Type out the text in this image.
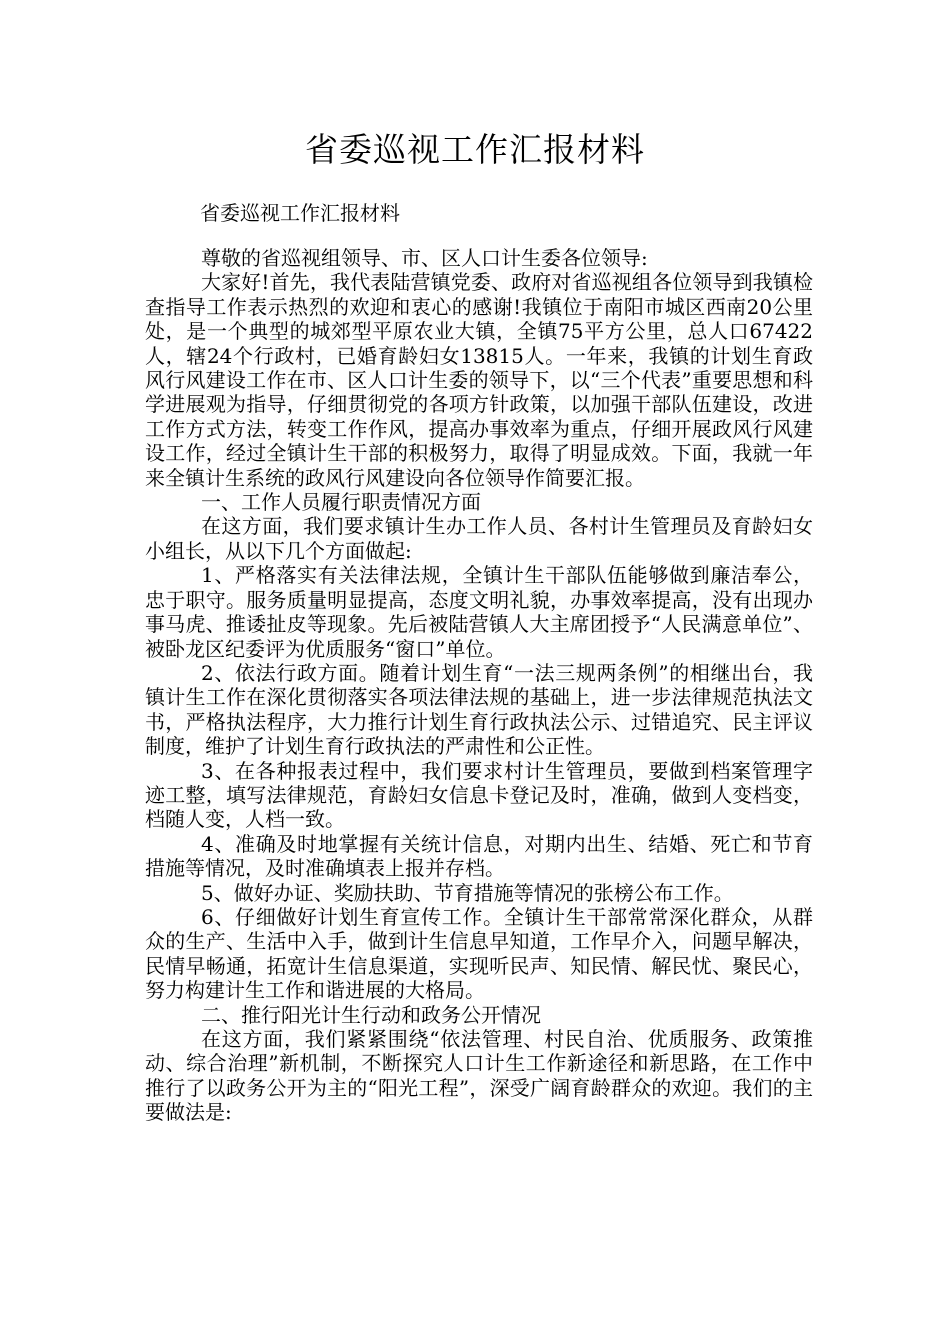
省委巡视工作汇报材料
省委巡视工作汇报材料

尊敬的省巡视组领导、市、区人口计生委各位领导:

大家好!首先，我代表陆营镇党委、政府对省巡视组各位领导到我镇检查指导工作表示热烈的欢迎和衷心的感谢!我镇位于南阳市城区西南20公里处，是一个典型的城郊型平原农业大镇，全镇75平方公里，总人口67422人，辖24个行政村，已婚育龄妇女13815人。一年来，我镇的计划生育政风行风建设工作在市、区人口计生委的领导下，以“三个代表”重要思想和科学进展观为指导，仔细贯彻党的各项方针政策，以加强干部队伍建设，改进工作方式方法，转变工作作风，提高办事效率为重点，仔细开展政风行风建设工作，经过全镇计生干部的积极努力，取得了明显成效。下面，我就一年来全镇计生系统的政风行风建设向各位领导作简要汇报。

一、工作人员履行职责情况方面

在这方面，我们要求镇计生办工作人员、各村计生管理员及育龄妇女小组长，从以下几个方面做起:

1、严格落实有关法律法规，全镇计生干部队伍能够做到廉洁奉公，忠于职守。服务质量明显提高，态度文明礼貌，办事效率提高，没有出现办事马虎、推诿扯皮等现象。先后被陆营镇人大主席团授予“人民满意单位”、被卧龙区纪委评为优质服务“窗口”单位。

2、依法行政方面。随着计划生育“一法三规两条例”的相继出台，我镇计生工作在深化贯彻落实各项法律法规的基础上，进一步法律规范执法文书，严格执法程序，大力推行计划生育行政执法公示、过错追究、民主评议制度，维护了计划生育行政执法的严肃性和公正性。

3、在各种报表过程中，我们要求村计生管理员，要做到档案管理字迹工整，填写法律规范，育龄妇女信息卡登记及时，准确，做到人变档变，档随人变，人档一致。

4、准确及时地掌握有关统计信息，对期内出生、结婚、死亡和节育措施等情况，及时准确填表上报并存档。

5、做好办证、奖励扶助、节育措施等情况的张榜公布工作。

6、仔细做好计划生育宣传工作。全镇计生干部常常深化群众，从群众的生产、生活中入手，做到计生信息早知道，工作早介入，问题早解决，民情早畅通，拓宽计生信息渠道，实现听民声、知民情、解民忧、聚民心，努力构建计生工作和谐进展的大格局。

二、推行阳光计生行动和政务公开情况

在这方面，我们紧紧围绕“依法管理、村民自治、优质服务、政策推动、综合治理”新机制，不断探究人口计生工作新途径和新思路，在工作中推行了以政务公开为主的“阳光工程”，深受广阔育龄群众的欢迎。我们的主要做法是:
